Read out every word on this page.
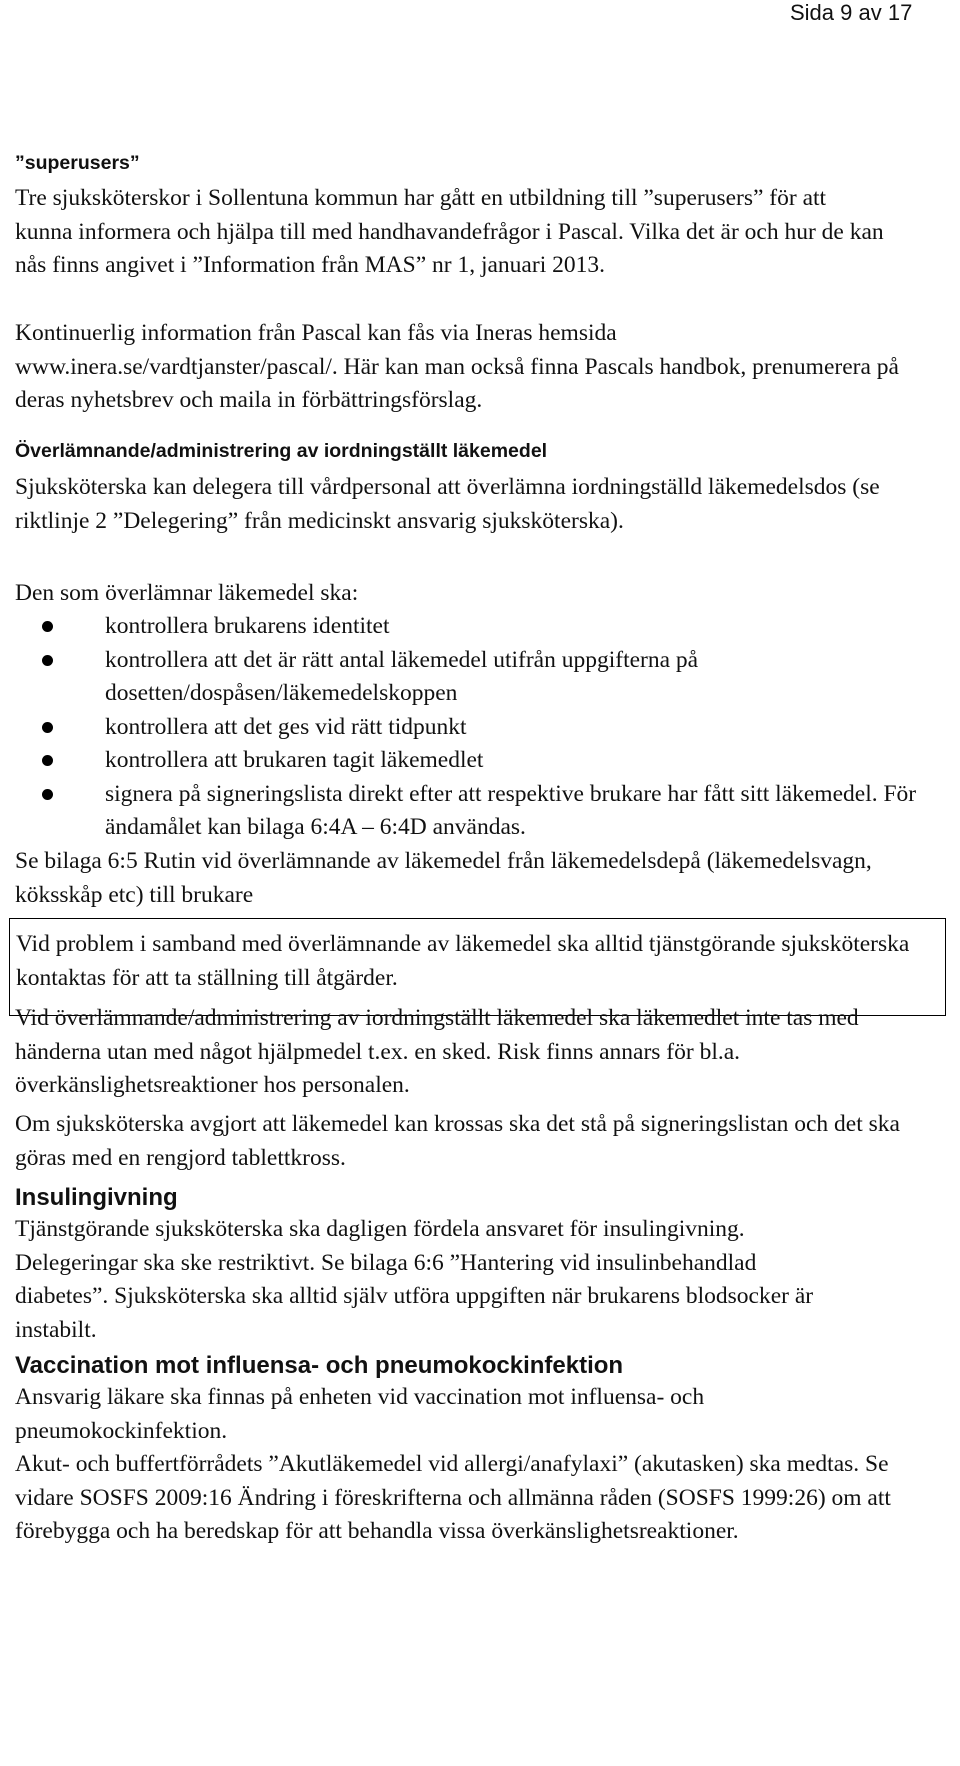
Sida 9 av 17

”superusers”

Tre sjuksköterskor i Sollentuna kommun har gått en utbildning till ”superusers” för att kunna informera och hjälpa till med handhavandefrågor i Pascal. Vilka det är och hur de kan nås finns angivet i ”Information från MAS” nr 1, januari 2013.

Kontinuerlig information från Pascal kan fås via Ineras hemsida www.inera.se/vardtjanster/pascal/. Här kan man också finna Pascals handbok, prenumerera på deras nyhetsbrev och maila in förbättringsförslag.

Överlämnande/administrering av iordningställt läkemedel

Sjuksköterska kan delegera till vårdpersonal att överlämna iordningställd läkemedelsdos (se riktlinje 2 ”Delegering” från medicinskt ansvarig sjuksköterska).

Den som överlämnar läkemedel ska:

kontrollera brukarens identitet
kontrollera att det är rätt antal läkemedel utifrån uppgifterna på dosetten/dospåsen/läkemedelskoppen
kontrollera att det ges vid rätt tidpunkt
kontrollera att brukaren tagit läkemedlet
signera på signeringslista direkt efter att respektive brukare har fått sitt läkemedel. För ändamålet kan bilaga 6:4A – 6:4D användas.

Se bilaga 6:5 Rutin vid överlämnande av läkemedel från läkemedelsdepå (läkemedelsvagn, köksskåp etc) till brukare

Vid problem i samband med överlämnande av läkemedel ska alltid tjänstgörande sjuksköterska kontaktas för att ta ställning till åtgärder.

Vid överlämnande/administrering av iordningställt läkemedel ska läkemedlet inte tas med händerna utan med något hjälpmedel t.ex. en sked. Risk finns annars för bl.a. överkänslighetsreaktioner hos personalen.

Om sjuksköterska avgjort att läkemedel kan krossas ska det stå på signeringslistan och det ska göras med en rengjord tablettkross.

Insulingivning

Tjänstgörande sjuksköterska ska dagligen fördela ansvaret för insulingivning. Delegeringar ska ske restriktivt. Se bilaga 6:6 ”Hantering vid insulinbehandlad diabetes”. Sjuksköterska ska alltid själv utföra uppgiften när brukarens blodsocker är instabilt.

Vaccination mot influensa- och pneumokockinfektion

Ansvarig läkare ska finnas på enheten vid vaccination mot influensa- och pneumokockinfektion.

Akut- och buffertförrådets ”Akutläkemedel vid allergi/anafylaxi” (akutasken) ska medtas. Se vidare SOSFS 2009:16 Ändring i föreskrifterna och allmänna råden (SOSFS 1999:26) om att förebygga och ha beredskap för att behandla vissa överkänslighetsreaktioner.
